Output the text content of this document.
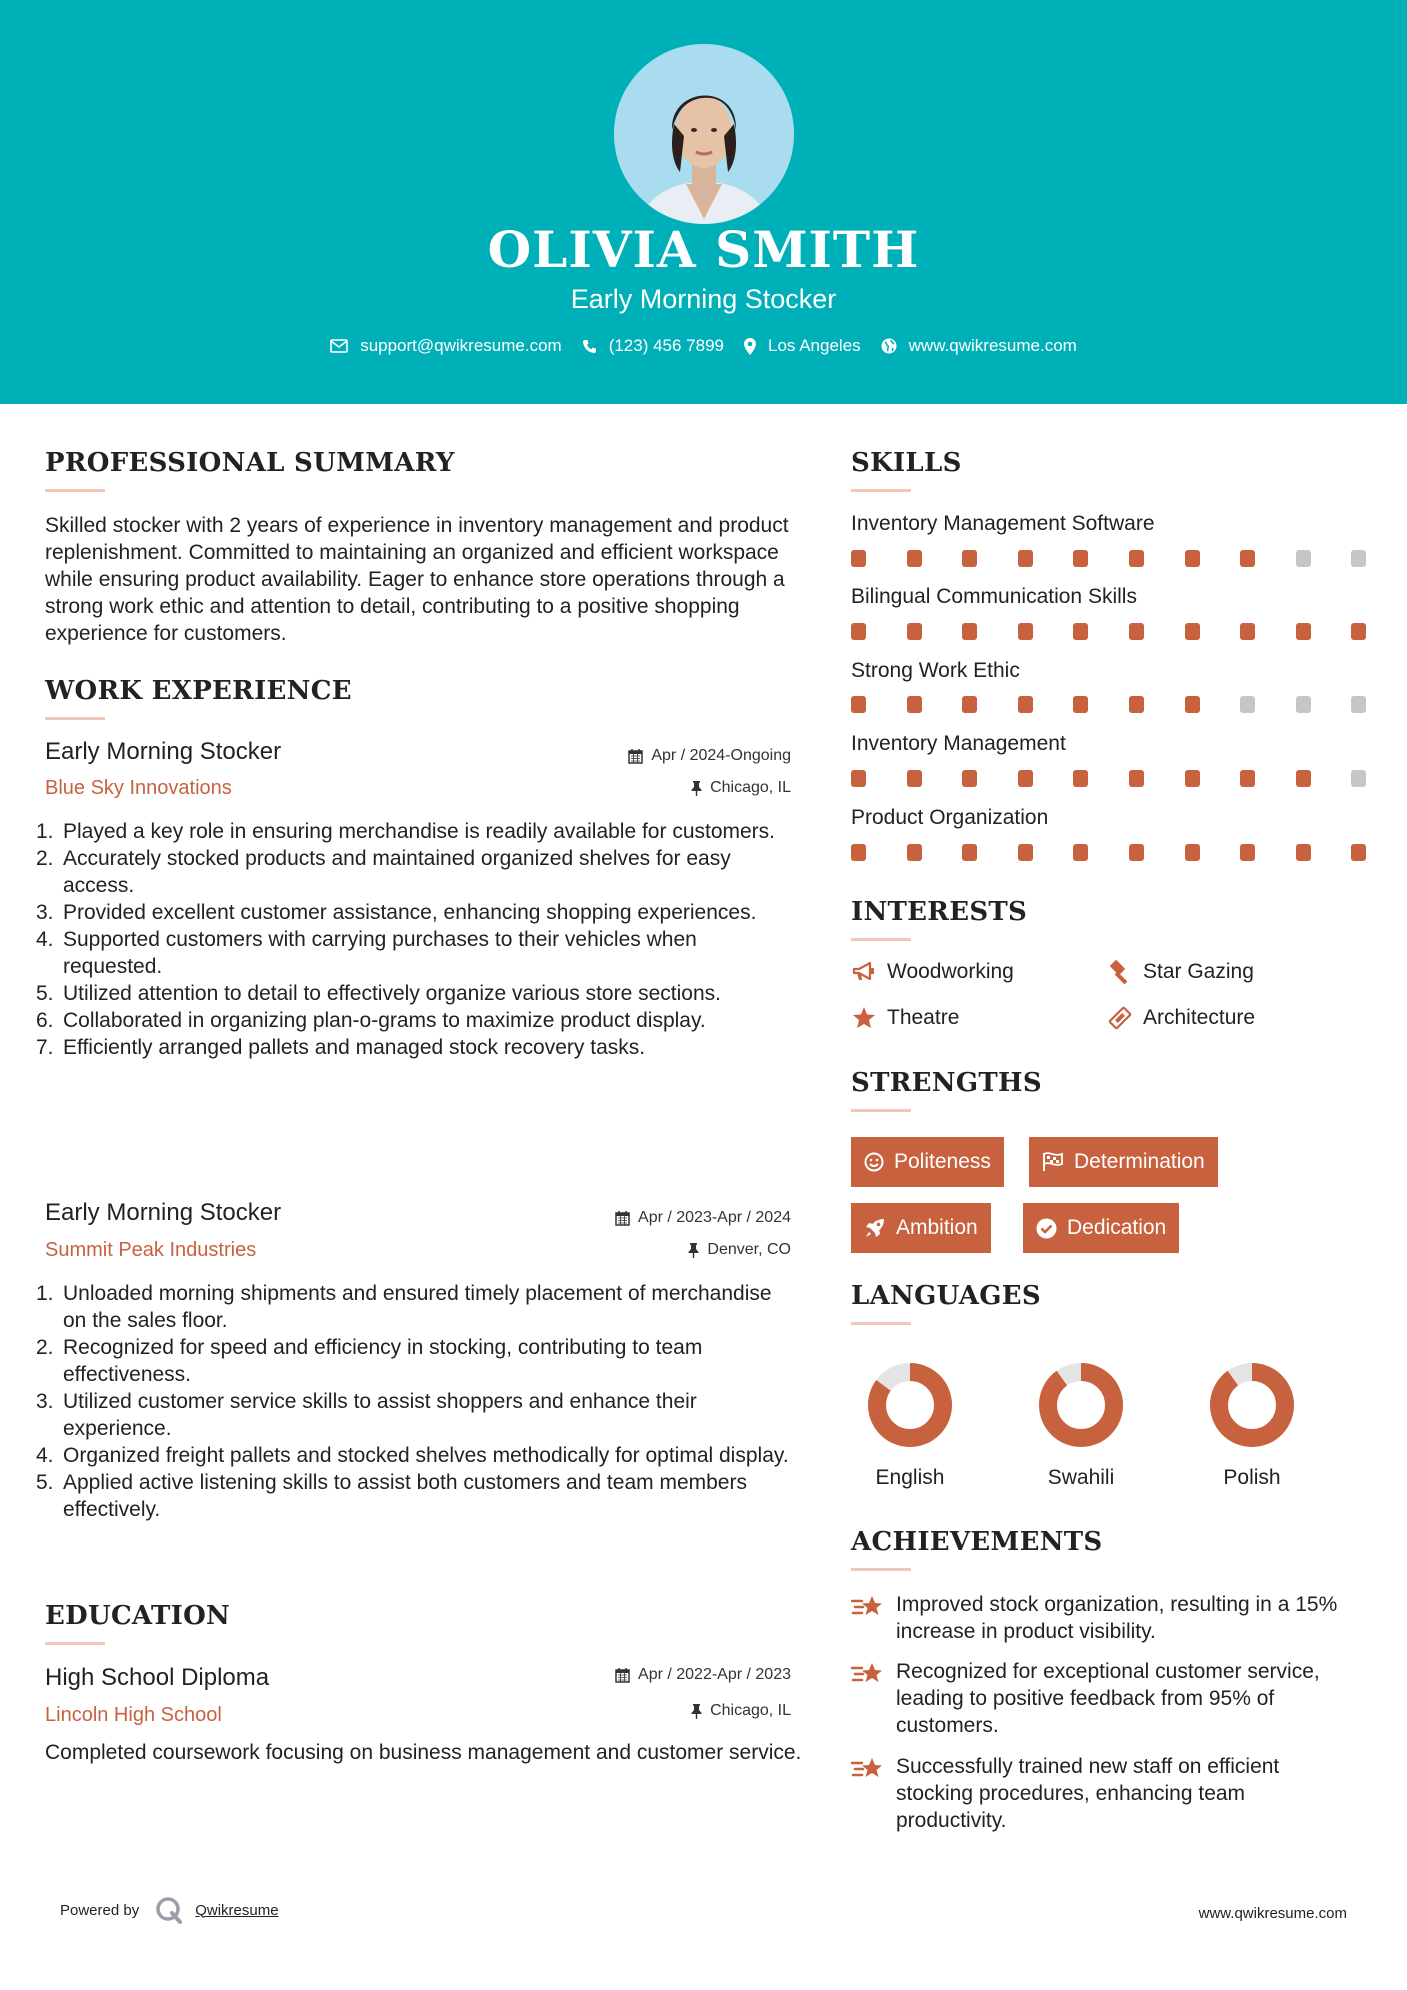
OLIVIA SMITH
Early Morning Stocker
support@qwikresume.com	(123) 456 7899	Los Angeles	www.qwikresume.com
PROFESSIONAL SUMMARY
Skilled stocker with 2 years of experience in inventory management and product replenishment. Committed to maintaining an organized and efficient workspace while ensuring product availability. Eager to enhance store operations through a strong work ethic and attention to detail, contributing to a positive shopping experience for customers.
WORK EXPERIENCE
Early Morning Stocker	Apr / 2024-Ongoing
Blue Sky Innovations	Chicago, IL
1. Played a key role in ensuring merchandise is readily available for customers.
2. Accurately stocked products and maintained organized shelves for easy access.
3. Provided excellent customer assistance, enhancing shopping experiences.
4. Supported customers with carrying purchases to their vehicles when requested.
5. Utilized attention to detail to effectively organize various store sections.
6. Collaborated in organizing plan-o-grams to maximize product display.
7. Efficiently arranged pallets and managed stock recovery tasks.
Early Morning Stocker	Apr / 2023-Apr / 2024
Summit Peak Industries	Denver, CO
1. Unloaded morning shipments and ensured timely placement of merchandise on the sales floor.
2. Recognized for speed and efficiency in stocking, contributing to team effectiveness.
3. Utilized customer service skills to assist shoppers and enhance their experience.
4. Organized freight pallets and stocked shelves methodically for optimal display.
5. Applied active listening skills to assist both customers and team members effectively.
EDUCATION
High School Diploma	Apr / 2022-Apr / 2023
Lincoln High School	Chicago, IL
Completed coursework focusing on business management and customer service.
SKILLS
Inventory Management Software
Bilingual Communication Skills
Strong Work Ethic
Inventory Management
Product Organization
INTERESTS
Woodworking	Star Gazing
Theatre	Architecture
STRENGTHS
Politeness	Determination
Ambition	Dedication
LANGUAGES
English	Swahili	Polish
ACHIEVEMENTS
Improved stock organization, resulting in a 15% increase in product visibility.
Recognized for exceptional customer service, leading to positive feedback from 95% of customers.
Successfully trained new staff on efficient stocking procedures, enhancing team productivity.
Powered by	Qwikresume	www.qwikresume.com
